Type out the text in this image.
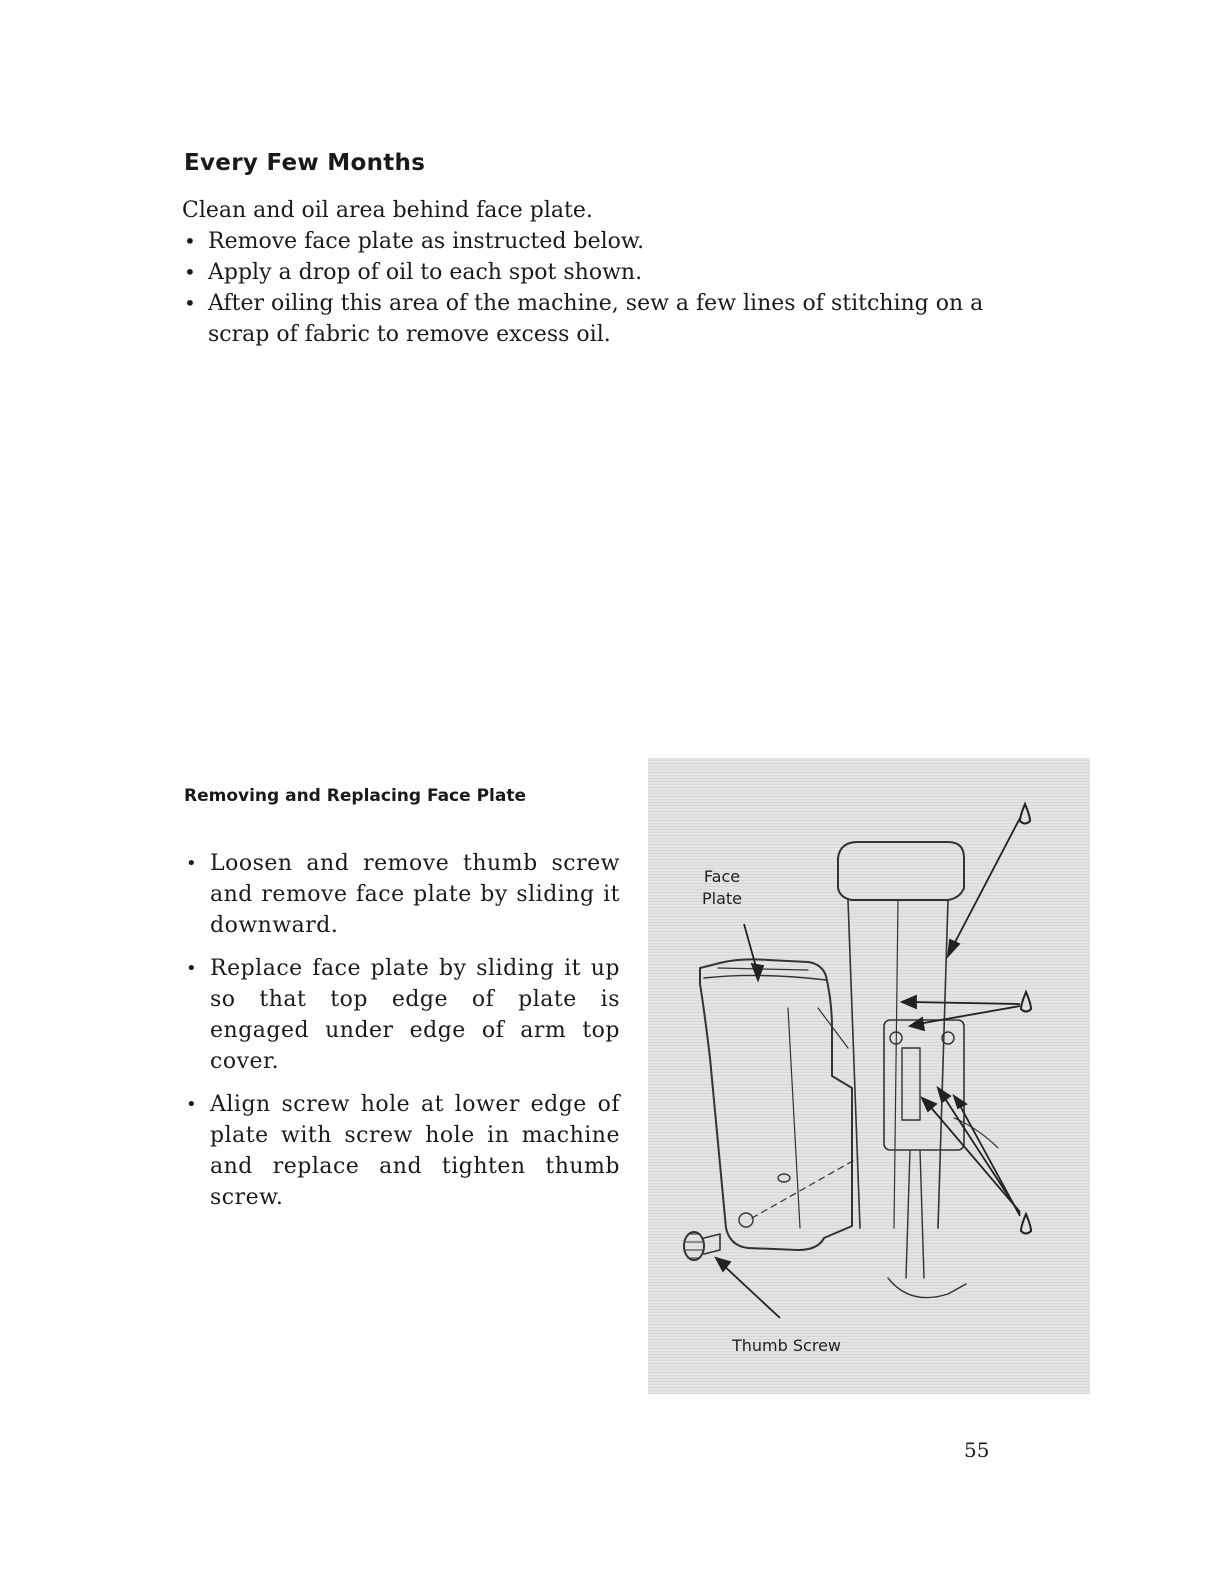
Every Few Months

Clean and oil area behind face plate.

• Remove face plate as instructed below.
• Apply a drop of oil to each spot shown.
• After oiling this area of the machine, sew a few lines of stitching on a scrap of fabric to remove excess oil.
Removing and Replacing Face Plate
• Loosen and remove thumb screw and remove face plate by sliding it downward.
• Replace face plate by sliding it up so that top edge of plate is engaged under edge of arm top cover.
• Align screw hole at lower edge of plate with screw hole in machine and replace and tighten thumb screw.
Face
Plate
Thumb Screw

55
